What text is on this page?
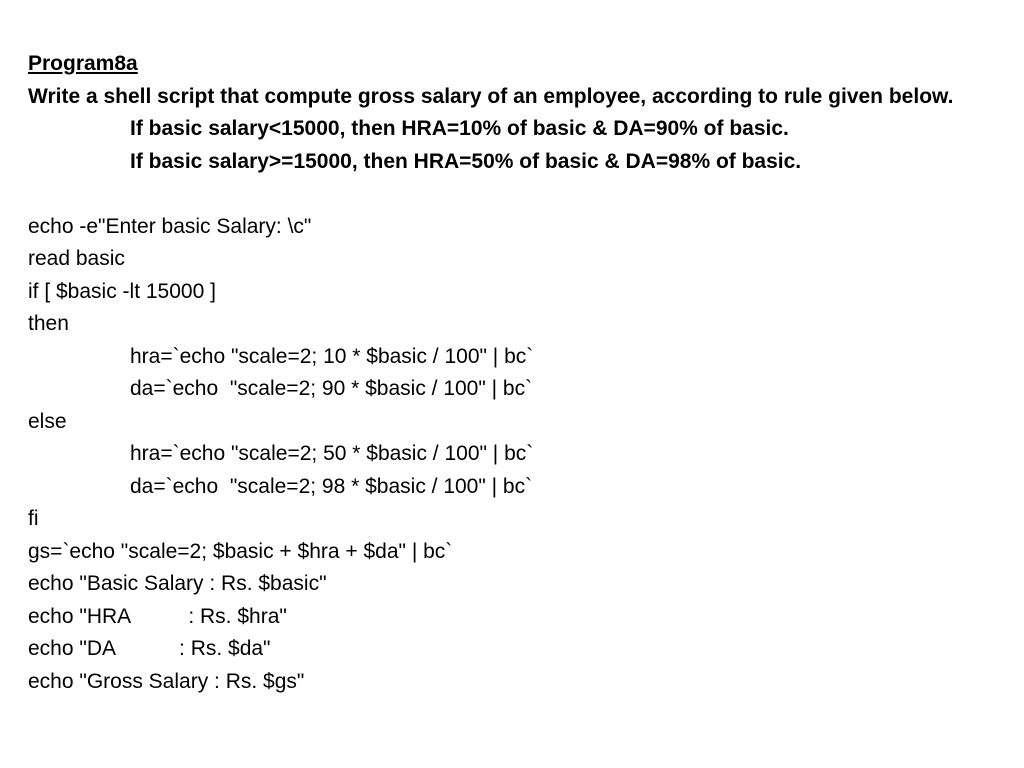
Program8a

Write a shell script that compute gross salary of an employee, according to rule given below.

If basic salary<15000, then HRA=10% of basic & DA=90% of basic.

If basic salary>=15000, then HRA=50% of basic & DA=98% of basic.

echo -e"Enter basic Salary: \c"

read basic

if [ $basic -lt 15000 ]

then

hra=`echo "scale=2; 10 * $basic / 100" | bc`

da=`echo  "scale=2; 90 * $basic / 100" | bc`

else

hra=`echo "scale=2; 50 * $basic / 100" | bc`

da=`echo  "scale=2; 98 * $basic / 100" | bc`

fi

gs=`echo "scale=2; $basic + $hra + $da" | bc`

echo "Basic Salary : Rs. $basic"

echo "HRA          : Rs. $hra"

echo "DA           : Rs. $da"

echo "Gross Salary : Rs. $gs"
